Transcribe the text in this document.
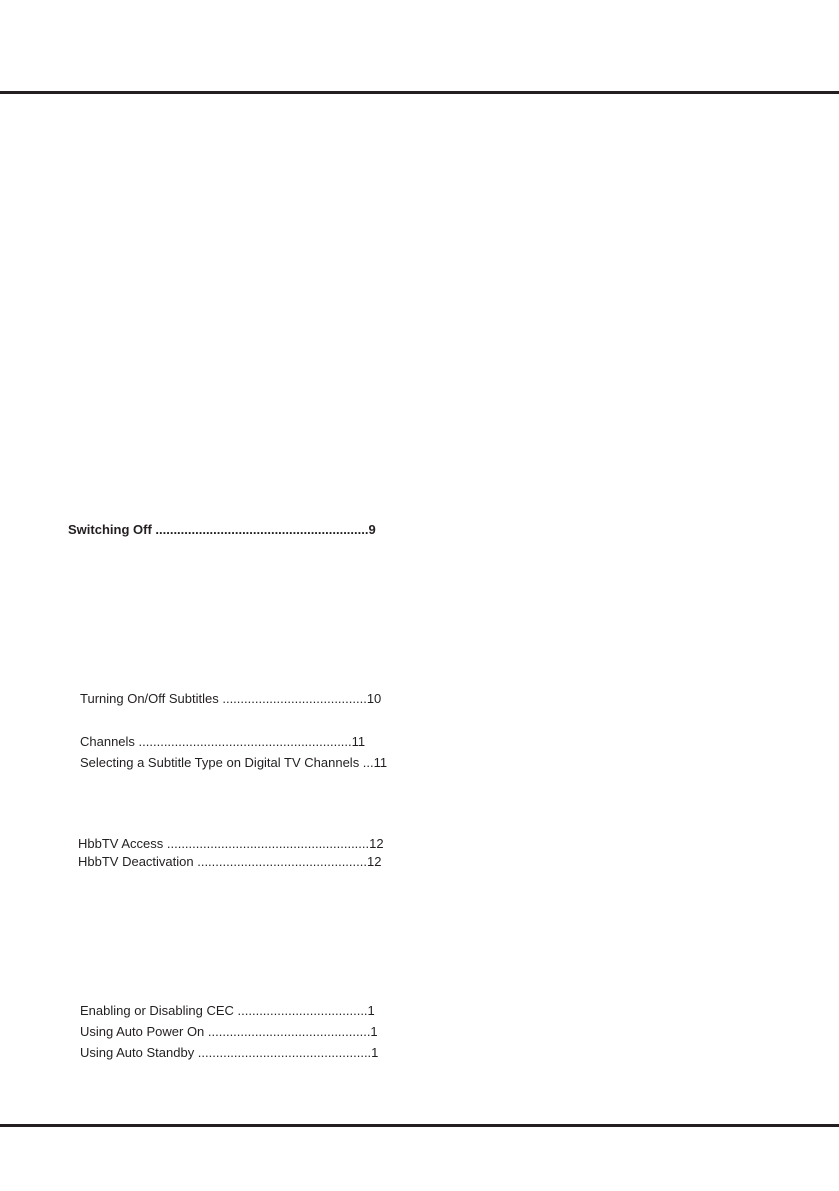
Switching Off ...........................................................9
Turning On/Off Subtitles ........................................10
Channels ...........................................................11
Selecting a Subtitle Type on Digital TV Channels ...11
HbbTV Access ........................................................12
HbbTV Deactivation ...............................................12
Enabling or Disabling CEC ....................................1
Using Auto Power On .............................................1
Using Auto Standby ................................................1
